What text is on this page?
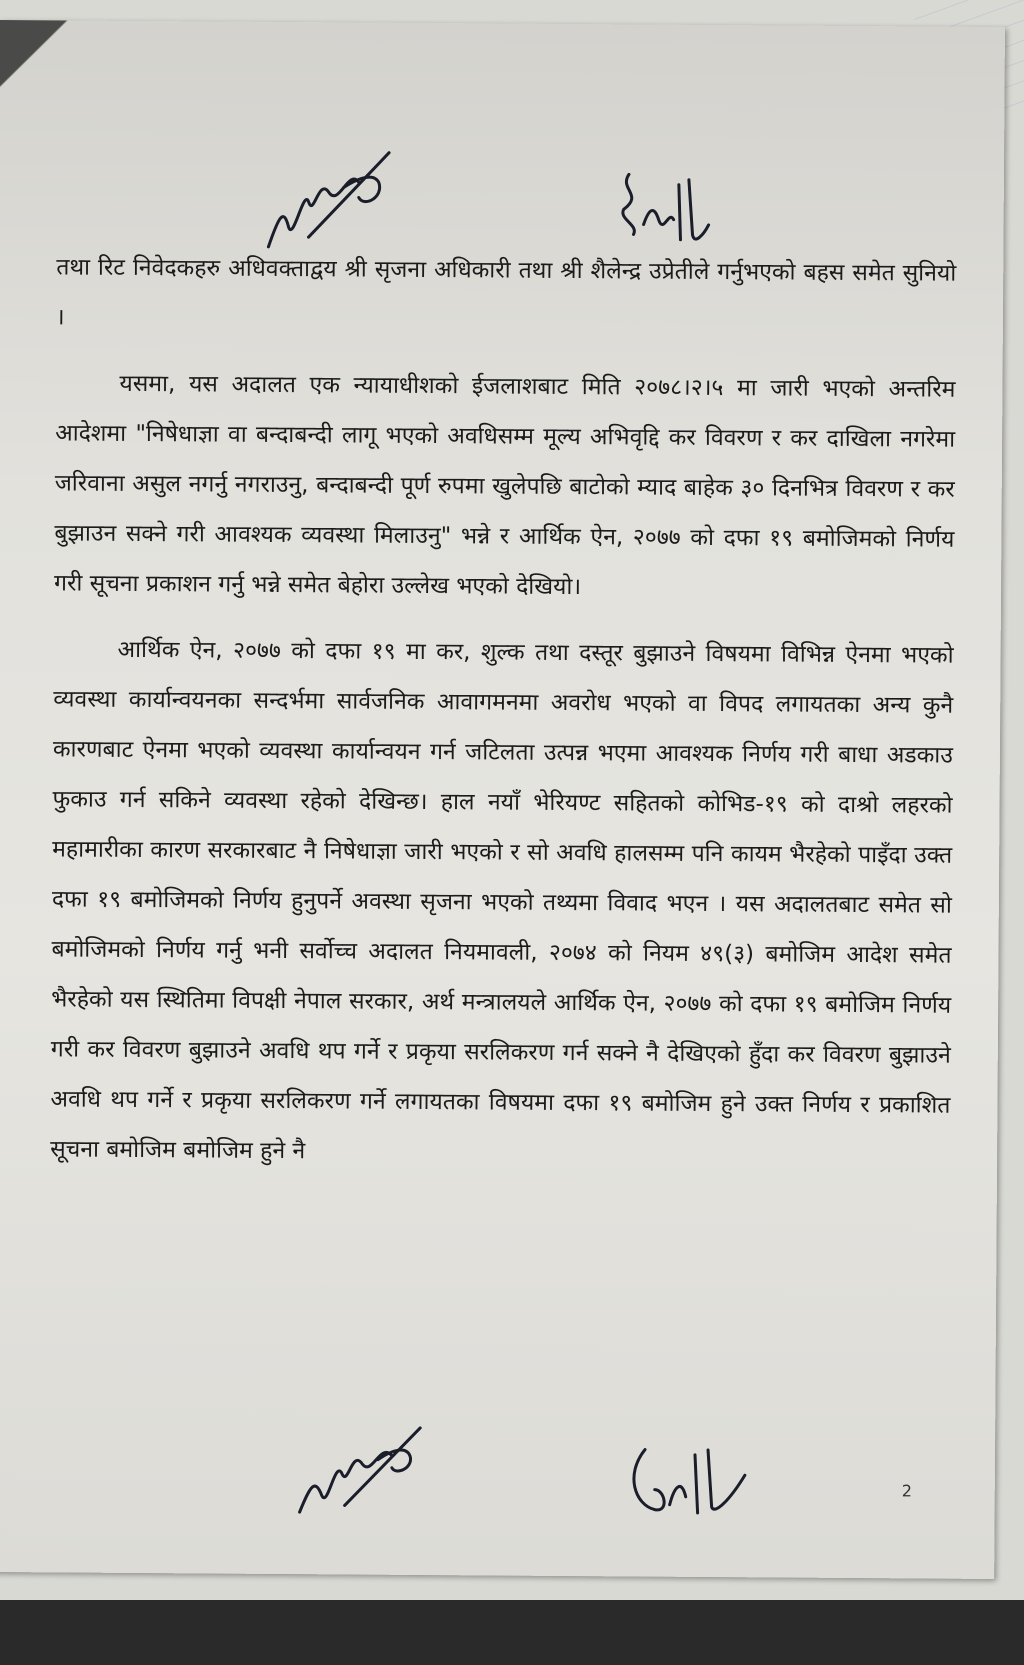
तथा रिट निवेदकहरु अधिवक्ताद्वय श्री सृजना अधिकारी तथा श्री शैलेन्द्र उप्रेतीले गर्नुभएको बहस समेत सुनियो ।

यसमा, यस अदालत एक न्यायाधीशको ईजलाशबाट मिति २०७८।२।५ मा जारी भएको अन्तरिम आदेशमा "निषेधाज्ञा वा बन्दाबन्दी लागू भएको अवधिसम्म मूल्य अभिवृद्दि कर विवरण र कर दाखिला नगरेमा जरिवाना असुल नगर्नु नगराउनु, बन्दाबन्दी पूर्ण रुपमा खुलेपछि बाटोको म्याद बाहेक ३० दिनभित्र विवरण र कर बुझाउन सक्ने गरी आवश्यक व्यवस्था मिलाउनु" भन्ने र आर्थिक ऐन, २०७७ को दफा १९ बमोजिमको निर्णय गरी सूचना प्रकाशन गर्नु भन्ने समेत बेहोरा उल्लेख भएको देखियो।

आर्थिक ऐन, २०७७ को दफा १९ मा कर, शुल्क तथा दस्तूर बुझाउने विषयमा विभिन्न ऐनमा भएको व्यवस्था कार्यान्वयनका सन्दर्भमा सार्वजनिक आवागमनमा अवरोध भएको वा विपद लगायतका अन्य कुनै कारणबाट ऐनमा भएको व्यवस्था कार्यान्वयन गर्न जटिलता उत्पन्न भएमा आवश्यक निर्णय गरी बाधा अडकाउ फुकाउ गर्न सकिने व्यवस्था रहेको देखिन्छ। हाल नयाँ भेरियण्ट सहितको कोभिड-१९ को दाश्रो लहरको महामारीका कारण सरकारबाट नै निषेधाज्ञा जारी भएको र सो अवधि हालसम्म पनि कायम भैरहेको पाइँदा उक्त दफा १९ बमोजिमको निर्णय हुनुपर्ने अवस्था सृजना भएको तथ्यमा विवाद भएन । यस अदालतबाट समेत सो बमोजिमको निर्णय गर्नु भनी सर्वोच्च अदालत नियमावली, २०७४ को नियम ४९(३) बमोजिम आदेश समेत भैरहेको यस स्थितिमा विपक्षी नेपाल सरकार, अर्थ मन्त्रालयले आर्थिक ऐन, २०७७ को दफा १९ बमोजिम निर्णय गरी कर विवरण बुझाउने अवधि थप गर्ने र प्रकृया सरलिकरण गर्न सक्ने नै देखिएको हुँदा कर विवरण बुझाउने अवधि थप गर्ने र प्रकृया सरलिकरण गर्ने लगायतका विषयमा दफा १९ बमोजिम हुने उक्त निर्णय र प्रकाशित सूचना बमोजिम बमोजिम हुने नै

2
